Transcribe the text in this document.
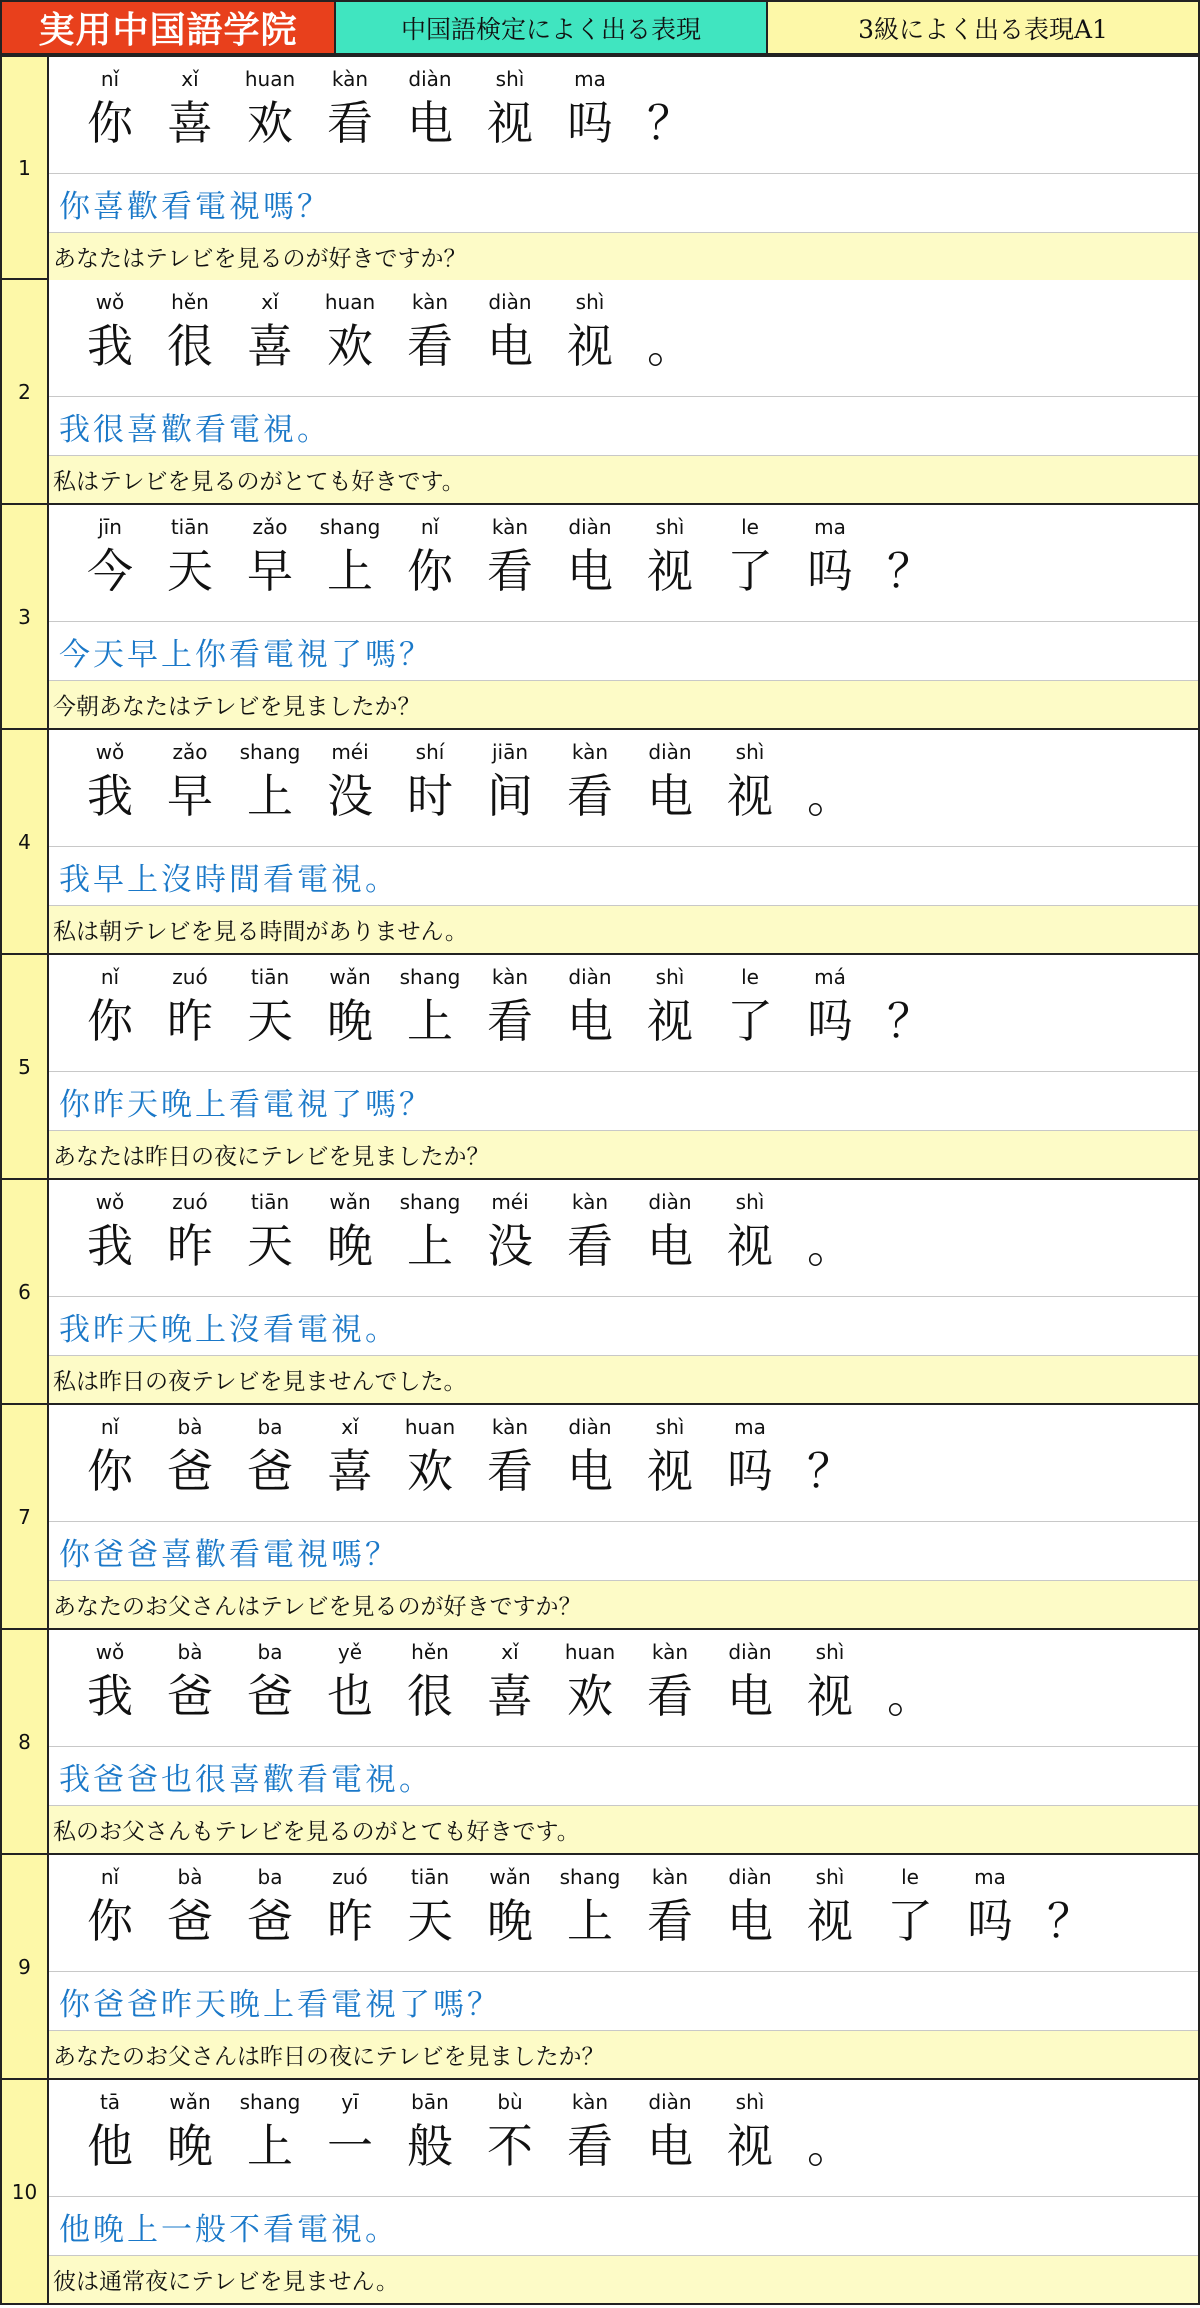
実用中国語学院	中国語検定によく出る表現	3級によく出る表現A1
1
nǐ
你
xǐ
喜
huan
欢
kàn
看
diàn
电
shì
视
ma
吗 ？
你喜歡看電視嗎？
あなたはテレビを見るのが好きですか？
2
wǒ
我
hěn
很
xǐ
喜
huan
欢
kàn
看
diàn
电
shì
视 。
我很喜歡看電視。
私はテレビを見るのがとても好きです。
3
jīn
今
tiān
天
zǎo
早
shang
上
nǐ
你
kàn
看
diàn
电
shì
视
le
了
ma
吗 ？
今天早上你看電視了嗎？
今朝あなたはテレビを見ましたか？
4
wǒ
我
zǎo
早
shang
上
méi
没
shí
时
jiān
间
kàn
看
diàn
电
shì
视 。
我早上沒時間看電視。
私は朝テレビを見る時間がありません。
5
nǐ
你
zuó
昨
tiān
天
wǎn
晚
shang
上
kàn
看
diàn
电
shì
视
le
了
má
吗 ？
你昨天晚上看電視了嗎？
あなたは昨日の夜にテレビを見ましたか？
6
wǒ
我
zuó
昨
tiān
天
wǎn
晚
shang
上
méi
没
kàn
看
diàn
电
shì
视 。
我昨天晚上沒看電視。
私は昨日の夜テレビを見ませんでした。
7
nǐ
你
bà
爸
ba
爸
xǐ
喜
huan
欢
kàn
看
diàn
电
shì
视
ma
吗 ？
你爸爸喜歡看電視嗎？
あなたのお父さんはテレビを見るのが好きですか？
8
wǒ
我
bà
爸
ba
爸
yě
也
hěn
很
xǐ
喜
huan
欢
kàn
看
diàn
电
shì
视 。
我爸爸也很喜歡看電視。
私のお父さんもテレビを見るのがとても好きです。
9
nǐ
你
bà
爸
ba
爸
zuó
昨
tiān
天
wǎn
晚
shang
上
kàn
看
diàn
电
shì
视
le
了
ma
吗 ？
你爸爸昨天晚上看電視了嗎？
あなたのお父さんは昨日の夜にテレビを見ましたか？
10
tā
他
wǎn
晚
shang
上
yī
一
bān
般
bù
不
kàn
看
diàn
电
shì
视 。
他晚上一般不看電視。
彼は通常夜にテレビを見ません。
